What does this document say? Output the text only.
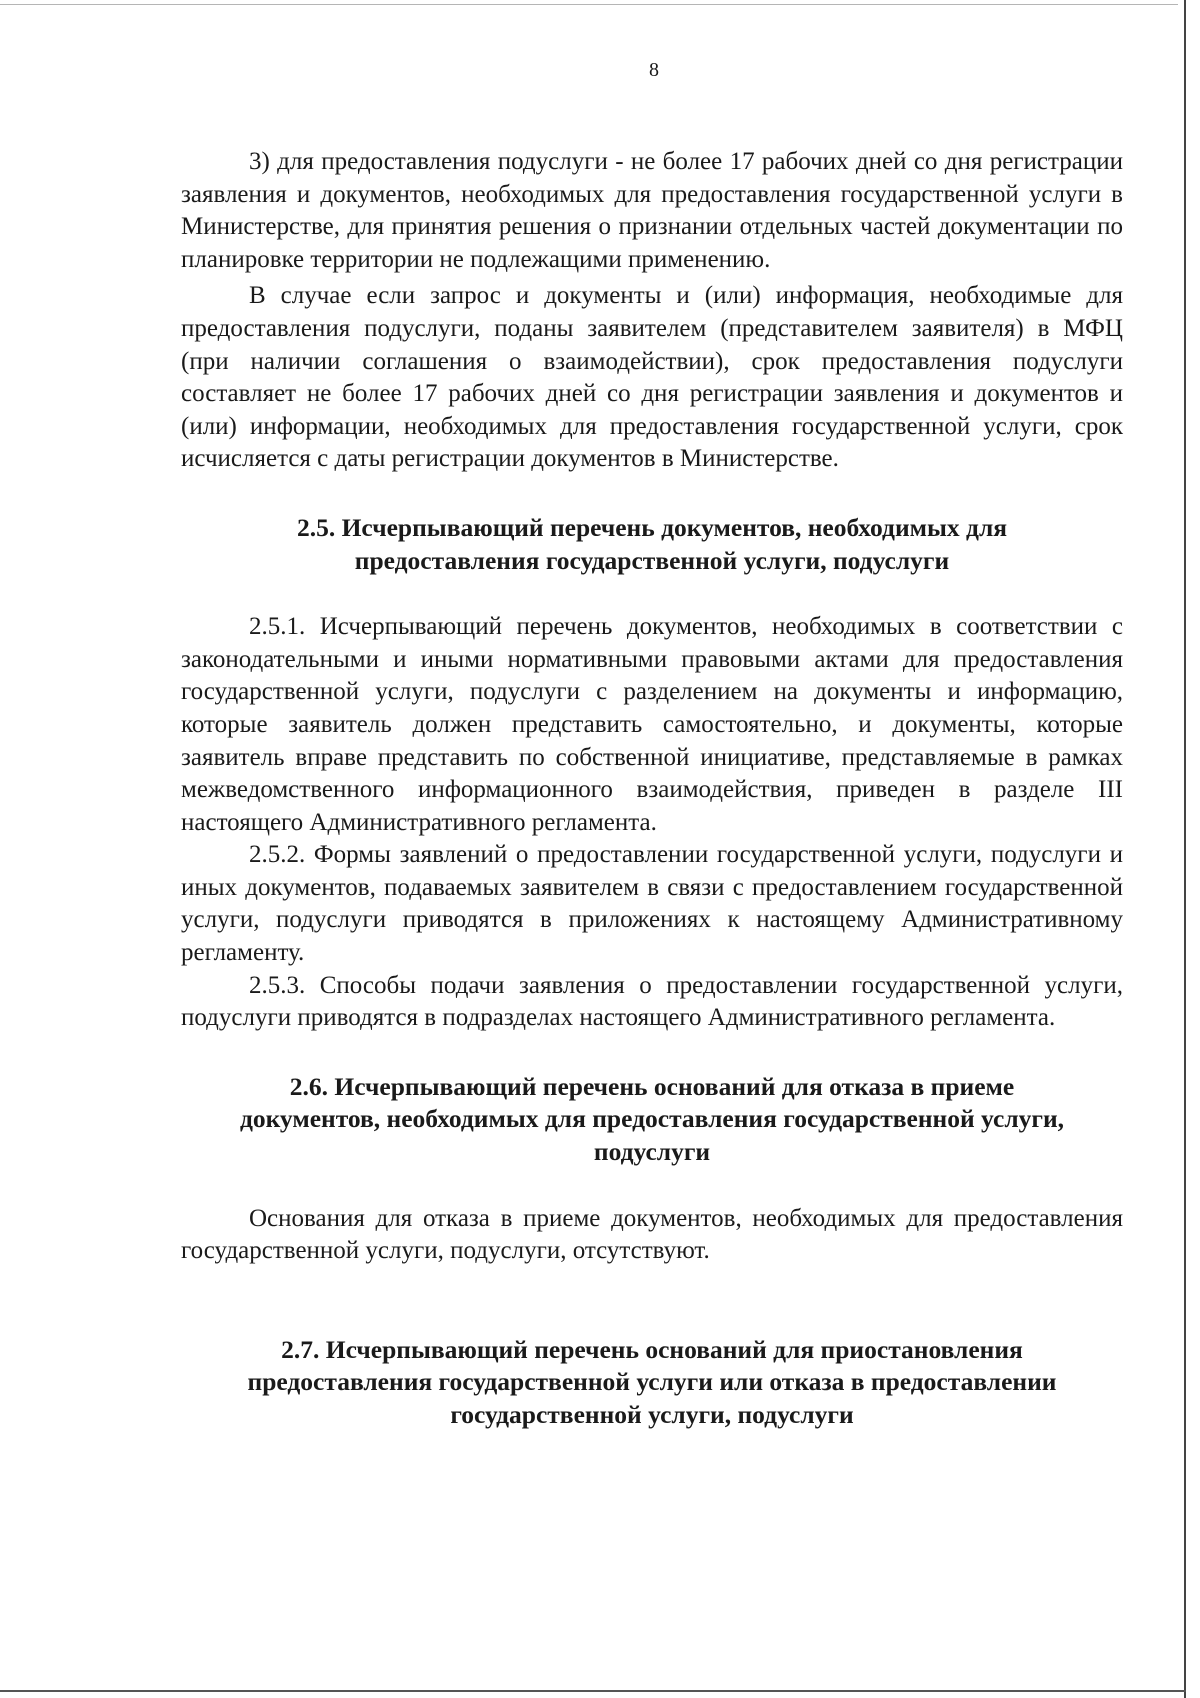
8

3) для предоставления подуслуги - не более 17 рабочих дней со дня регистрации заявления и документов, необходимых для предоставления государственной услуги в Министерстве, для принятия решения о признании отдельных частей документации по планировке территории не подлежащими применению.

В случае если запрос и документы и (или) информация, необходимые для предоставления подуслуги, поданы заявителем (представителем заявителя) в МФЦ (при наличии соглашения о взаимодействии), срок предоставления подуслуги составляет не более 17 рабочих дней со дня регистрации заявления и документов и (или) информации, необходимых для предоставления государственной услуги, срок исчисляется с даты регистрации документов в Министерстве.

2.5. Исчерпывающий перечень документов, необходимых для
предоставления государственной услуги, подуслуги

2.5.1. Исчерпывающий перечень документов, необходимых в соответствии с законодательными и иными нормативными правовыми актами для предоставления государственной услуги, подуслуги с разделением на документы и информацию, которые заявитель должен представить самостоятельно, и документы, которые заявитель вправе представить по собственной инициативе, представляемые в рамках межведомственного информационного взаимодействия, приведен в разделе III настоящего Административного регламента.

2.5.2. Формы заявлений о предоставлении государственной услуги, подуслуги и иных документов, подаваемых заявителем в связи с предоставлением государственной услуги, подуслуги приводятся в приложениях к настоящему Административному регламенту.

2.5.3. Способы подачи заявления о предоставлении государственной услуги, подуслуги приводятся в подразделах настоящего Административного регламента.

2.6. Исчерпывающий перечень оснований для отказа в приеме
документов, необходимых для предоставления государственной услуги,
подуслуги

Основания для отказа в приеме документов, необходимых для предоставления государственной услуги, подуслуги, отсутствуют.

2.7. Исчерпывающий перечень оснований для приостановления
предоставления государственной услуги или отказа в предоставлении
государственной услуги, подуслуги
